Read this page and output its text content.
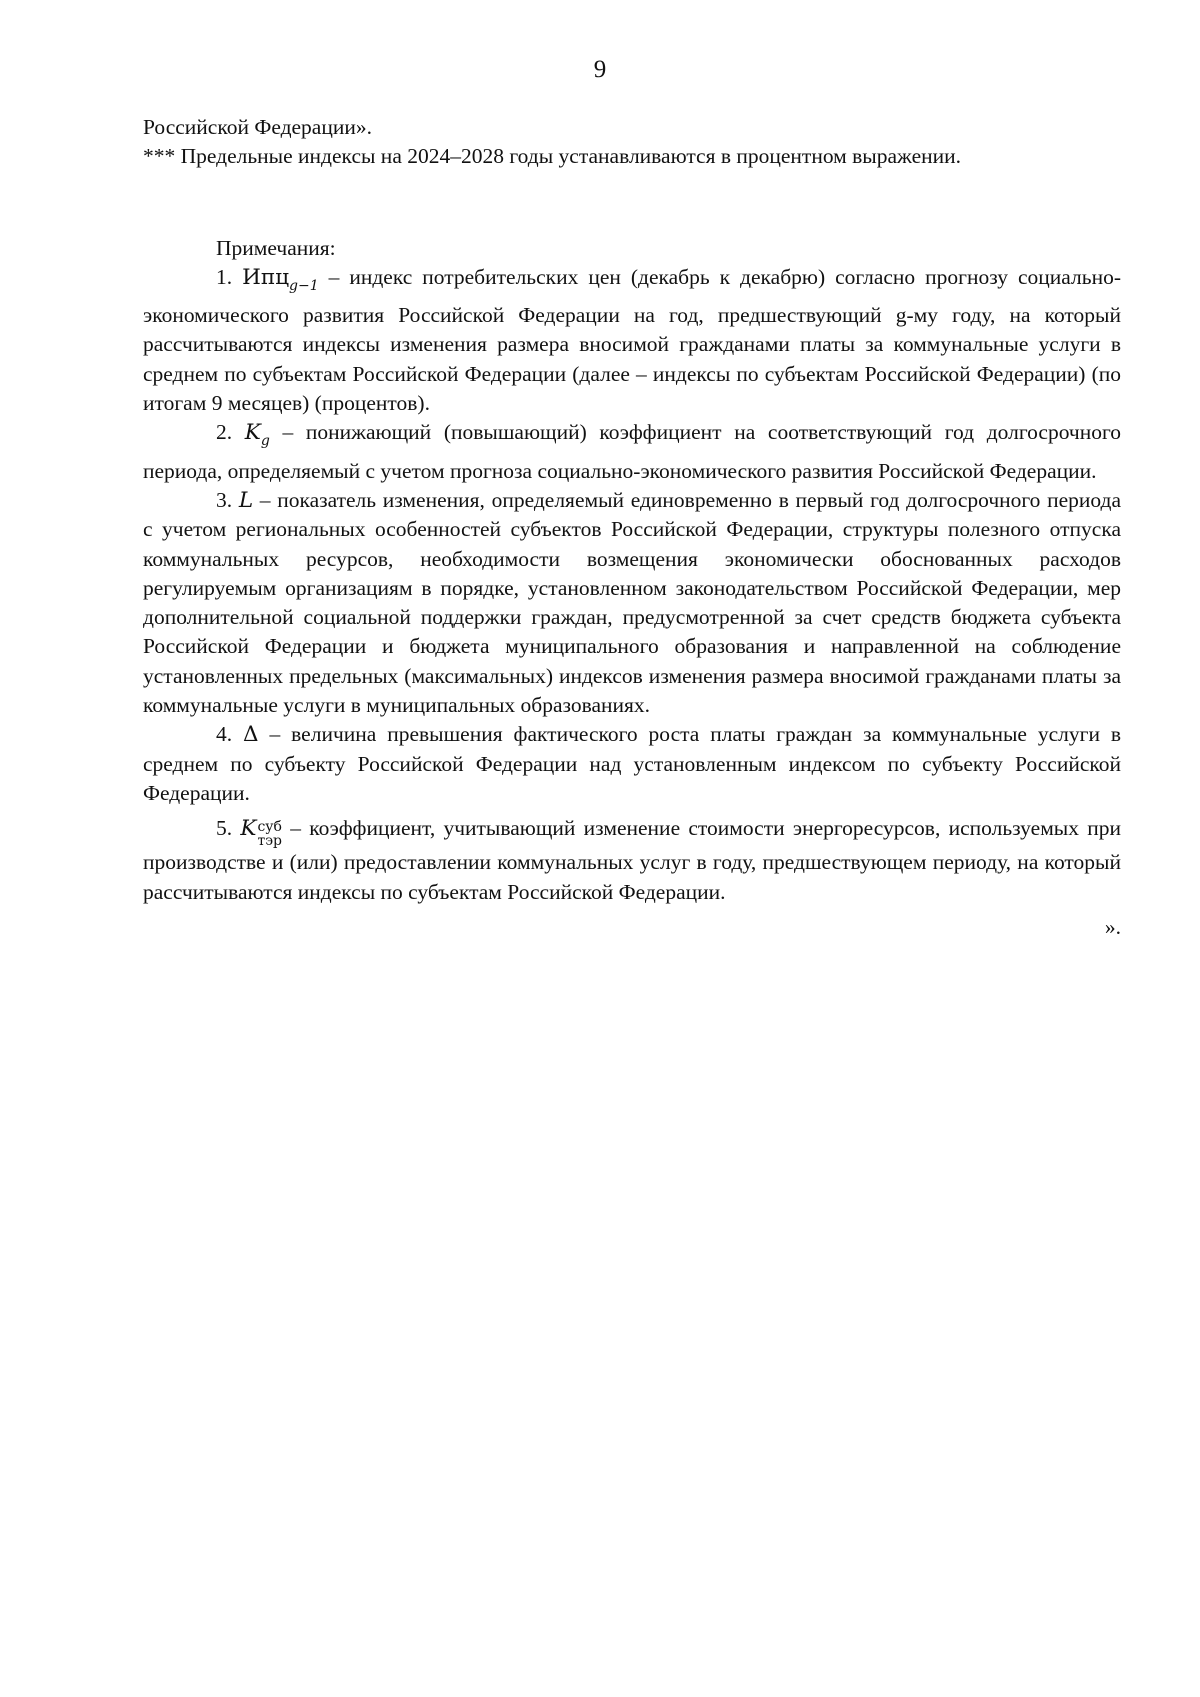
9

Российской Федерации».

*** Предельные индексы на 2024–2028 годы устанавливаются в процентном выражении.

Примечания:

1. Ипц$_{g-1}$ – индекс потребительских цен (декабрь к декабрю) согласно прогнозу социально-экономического развития Российской Федерации на год, предшествующий g-му году, на который рассчитываются индексы изменения размера вносимой гражданами платы за коммунальные услуги в среднем по субъектам Российской Федерации (далее – индексы по субъектам Российской Федерации) (по итогам 9 месяцев) (процентов).

2. $K_g$ – понижающий (повышающий) коэффициент на соответствующий год долгосрочного периода, определяемый с учетом прогноза социально-экономического развития Российской Федерации.

3. L – показатель изменения, определяемый единовременно в первый год долгосрочного периода с учетом региональных особенностей субъектов Российской Федерации, структуры полезного отпуска коммунальных ресурсов, необходимости возмещения экономически обоснованных расходов регулируемым организациям в порядке, установленном законодательством Российской Федерации, мер дополнительной социальной поддержки граждан, предусмотренной за счет средств бюджета субъекта Российской Федерации и бюджета муниципального образования и направленной на соблюдение установленных предельных (максимальных) индексов изменения размера вносимой гражданами платы за коммунальные услуги в муниципальных образованиях.

4. Δ – величина превышения фактического роста платы граждан за коммунальные услуги в среднем по субъекту Российской Федерации над установленным индексом по субъекту Российской Федерации.

5. K суб
тэр
– коэффициент, учитывающий изменение стоимости энергоресурсов, используемых при производстве и (или) предоставлении коммунальных услуг в году, предшествующем периоду, на который рассчитываются индексы по субъектам Российской Федерации.

».
